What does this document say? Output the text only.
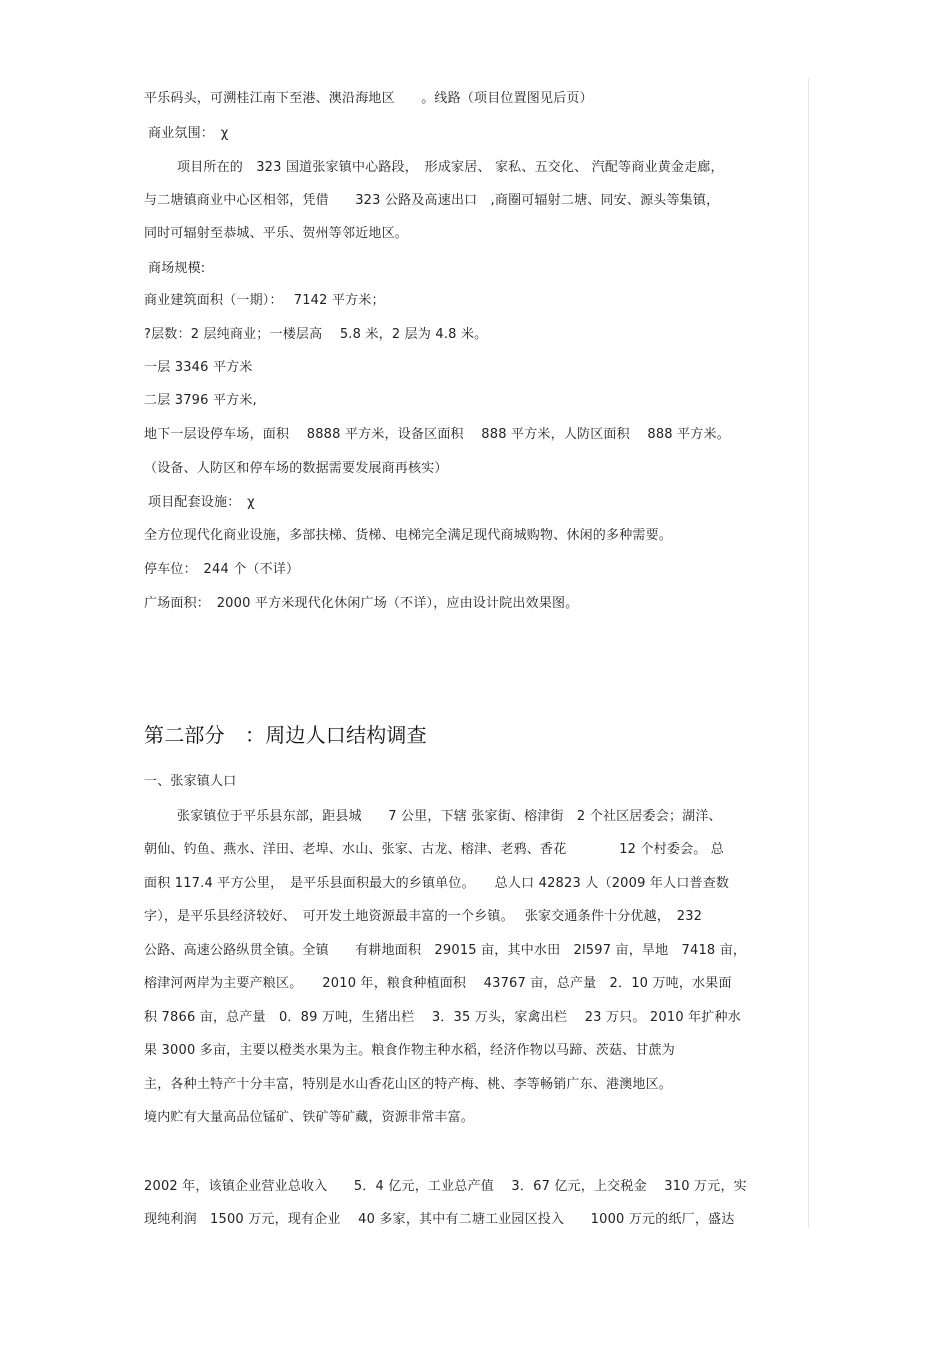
平乐码头，可溯桂江南下至港、澳沿海地区　　。线路（项目位置图见后页）
商业氛围：　χ
项目所在的　323 国道张家镇中心路段，　形成家居、 家私、五交化、 汽配等商业黄金走廊，
与二塘镇商业中心区相邻，凭借　　323 公路及高速出口　,商圈可辐射二塘、同安、源头等集镇，
同时可辐射至恭城、平乐、贺州等邻近地区。
商场规模:
商业建筑面积（一期）：　 7142 平方米；
?层数：2 层纯商业；一楼层高　 5.8 米，2 层为 4.8 米。
一层 3346 平方米
二层 3796 平方米,
地下一层设停车场，面积　 8888 平方米，设备区面积　 888 平方米，人防区面积　 888 平方米。
（设备、人防区和停车场的数据需要发展商再核实）
项目配套设施：　χ
全方位现代化商业设施，多部扶梯、货梯、电梯完全满足现代商城购物、休闲的多种需要。
停车位：　244 个（不详）
广场面积：　2000 平方米现代化休闲广场（不详），应由设计院出效果图。
第二部分　：周边人口结构调查
一、张家镇人口
张家镇位于平乐县东部，距县城　　7 公里，下辖 张家街、榕津街　2 个社区居委会；湖洋、
朝仙、钓鱼、燕水、洋田、老埠、水山、张家、古龙、榕津、老鸦、香花　　　　12 个村委会。 总
面积 117.4 平方公里，　是平乐县面积最大的乡镇单位。　　总人口 42823 人（2009 年人口普查数
字），是平乐县经济较好、　可开发土地资源最丰富的一个乡镇。　 张家交通条件十分优越，　232
公路、高速公路纵贯全镇。全镇　　有耕地面积　29015 亩，其中水田　2l597 亩，旱地　7418 亩，
榕津河两岸为主要产粮区。　　2010 年，粮食种植面积　 43767 亩，总产量　2．10 万吨，水果面
积 7866 亩，总产量　0．89 万吨，生猪出栏　 3．35 万头，家禽出栏　 23 万只。 2010 年扩种水
果 3000 多亩，主要以橙类水果为主。粮食作物主种水稻，经济作物以马蹄、茨菇、甘蔗为
主，各种土特产十分丰富，特别是水山香花山区的特产梅、桃、李等畅销广东、港澳地区。
境内贮有大量高品位锰矿、铁矿等矿藏，资源非常丰富。
2002 年，该镇企业营业总收入　　5．4 亿元，工业总产值　 3．67 亿元，上交税金　 310 万元，实
现纯利润　1500 万元，现有企业　 40 多家，其中有二塘工业园区投入　　1000 万元的纸厂，盛达
